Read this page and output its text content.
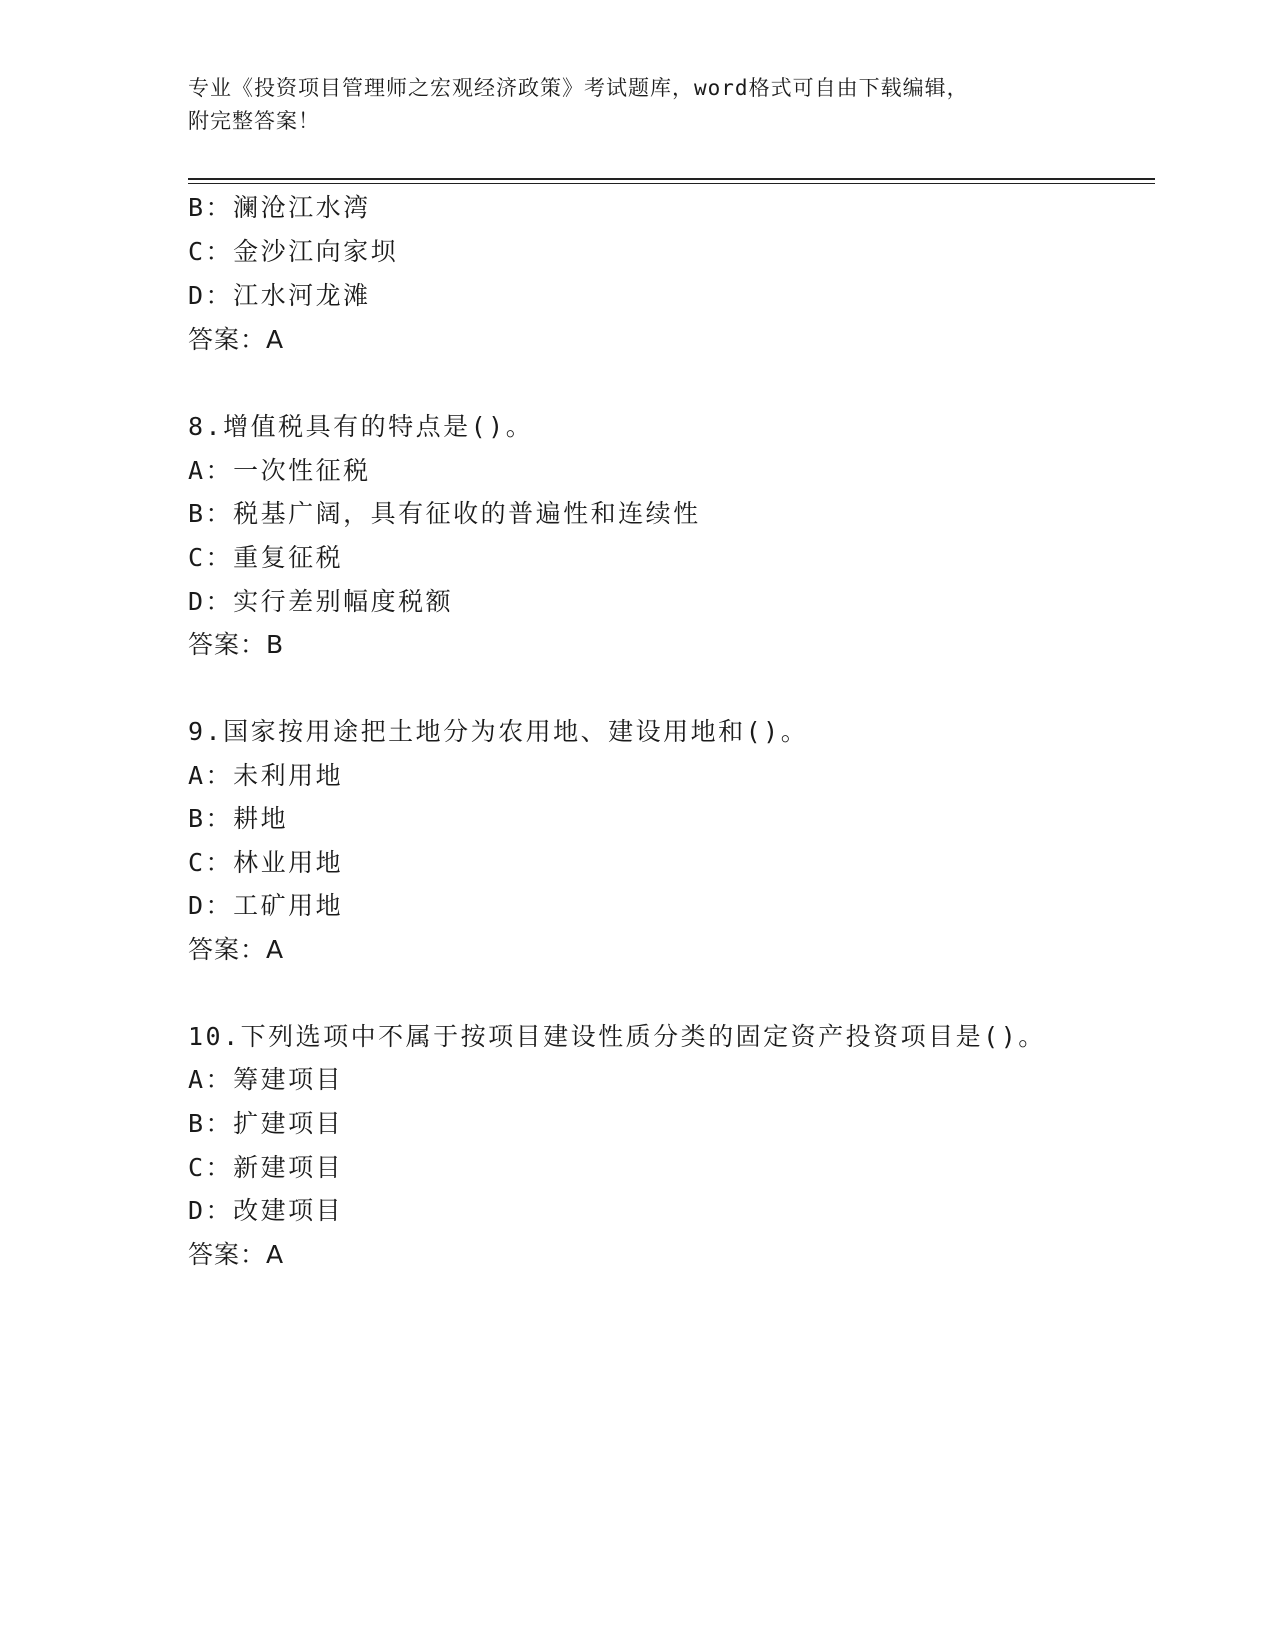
专业《投资项目管理师之宏观经济政策》考试题库，word格式可自由下载编辑，
附完整答案！
B：澜沧江水湾
C：金沙江向家坝
D：江水河龙滩
答案：A
8.增值税具有的特点是()。
A：一次性征税
B：税基广阔，具有征收的普遍性和连续性
C：重复征税
D：实行差别幅度税额
答案：B
9.国家按用途把土地分为农用地、建设用地和()。
A：未利用地
B：耕地
C：林业用地
D：工矿用地
答案：A
10.下列选项中不属于按项目建设性质分类的固定资产投资项目是()。
A：筹建项目
B：扩建项目
C：新建项目
D：改建项目
答案：A
